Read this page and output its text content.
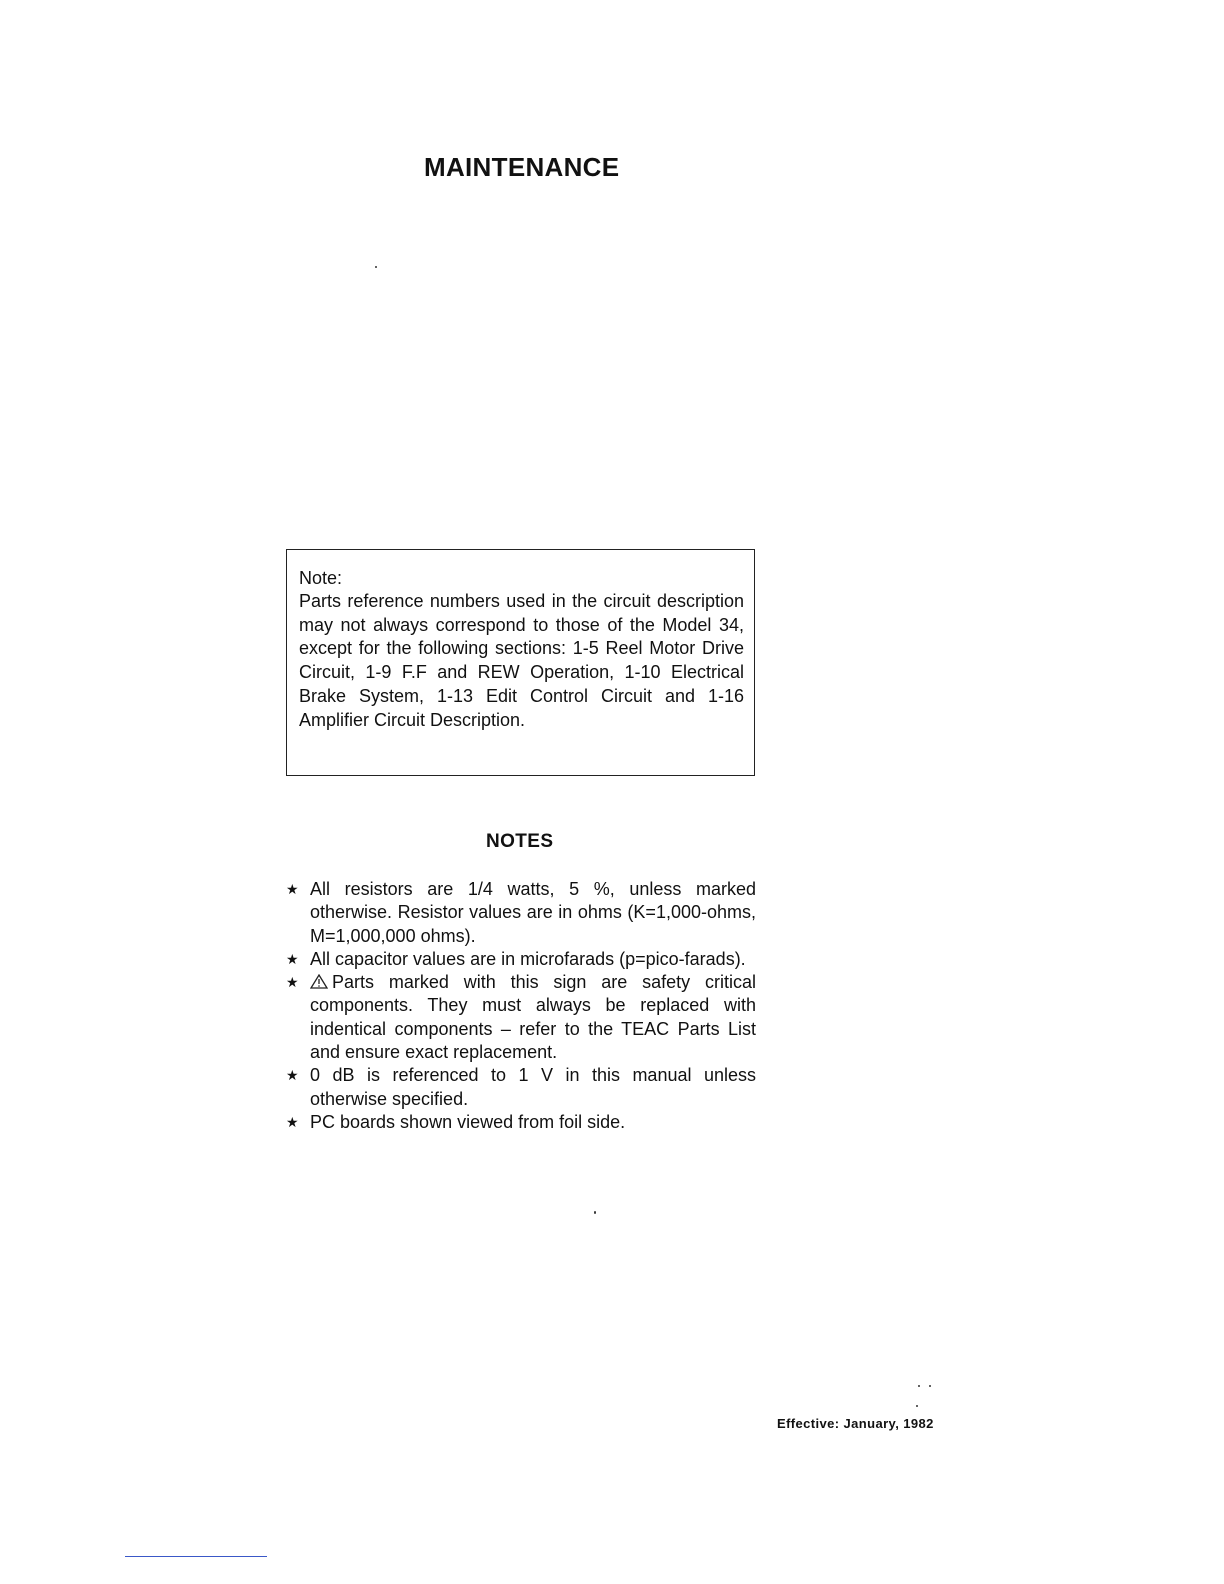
MAINTENANCE

Note:

Parts reference numbers used in the circuit description may not always correspond to those of the Model 34, except for the following sections: 1-5 Reel Motor Drive Circuit, 1-9 F.F and REW Operation, 1-10 Electrical Brake System, 1-13 Edit Control Circuit and 1-16 Amplifier Circuit Description.

NOTES
★ All resistors are 1/4 watts, 5 %, unless marked otherwise. Resistor values are in ohms (K=1,000-ohms, M=1,000,000 ohms).
★ All capacitor values are in microfarads (p=pico-farads).
★ Parts marked with this sign are safety critical components. They must always be replaced with indentical components – refer to the TEAC Parts List and ensure exact replacement.
★ 0 dB is referenced to 1 V in this manual unless otherwise specified.
★ PC boards shown viewed from foil side.
Effective: January, 1982
